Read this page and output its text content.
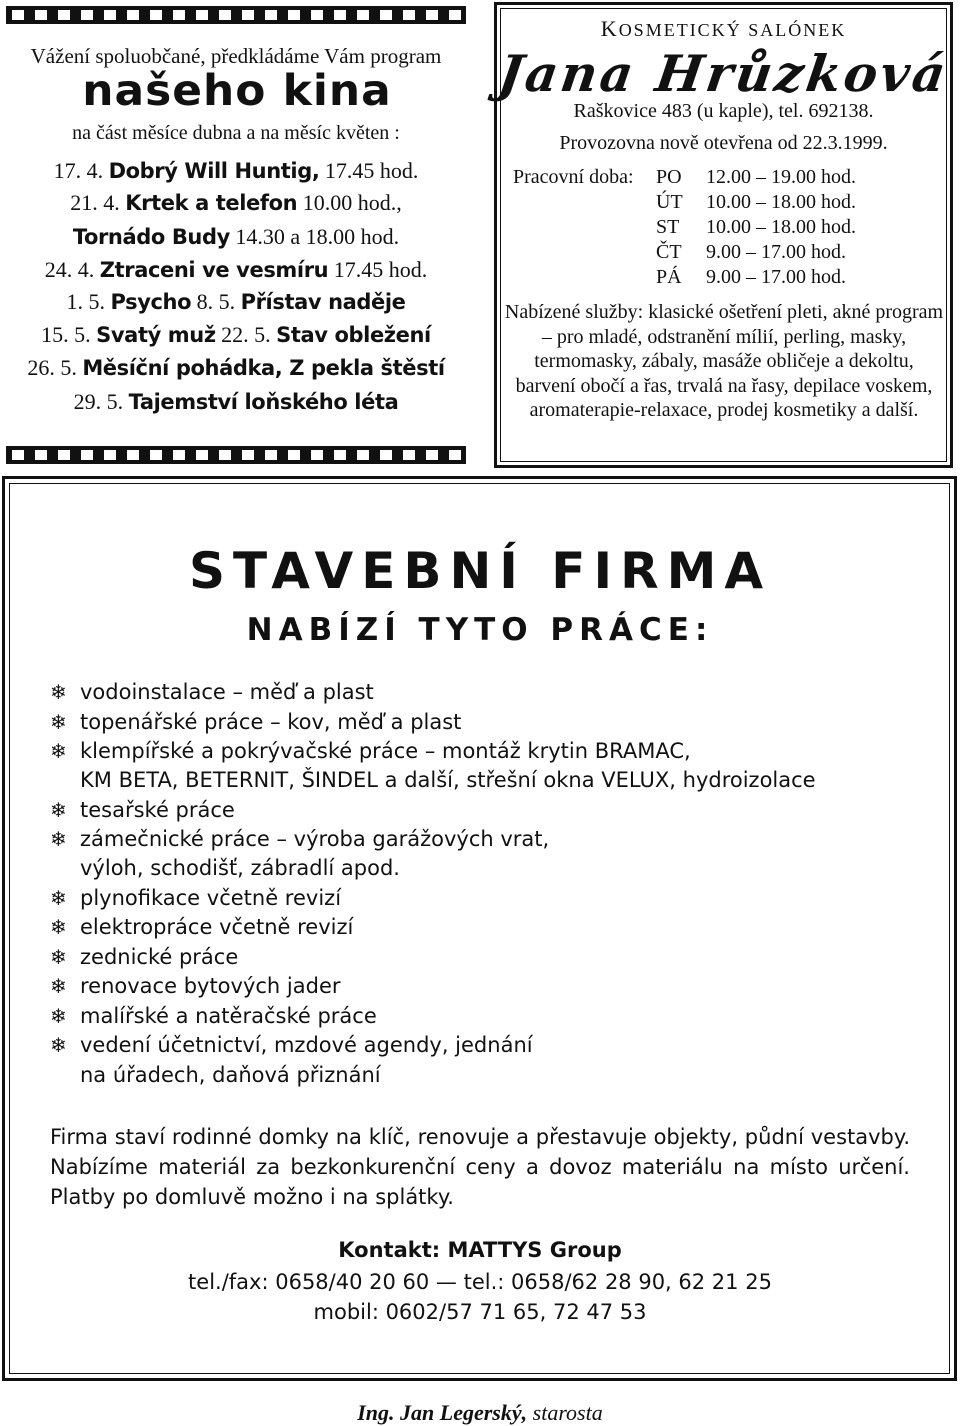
Vážení spoluobčané, předkládáme Vám program
našeho kina
na část měsíce dubna a na měsíc květen :
17. 4. Dobrý Will Huntig, 17.45 hod.
21. 4. Krtek a telefon 10.00 hod.,
Tornádo Budy 14.30 a 18.00 hod.
24. 4. Ztraceni ve vesmíru 17.45 hod.
1. 5. Psycho 8. 5. Přístav naděje
15. 5. Svatý muž 22. 5. Stav obležení
26. 5. Měsíční pohádka, Z pekla štěstí
29. 5. Tajemství loňského léta
KOSMETICKÝ SALÓNEK
Jana Hrůzková
Raškovice 483 (u kaple), tel. 692138.
Provozovna nově otevřena od 22.3.1999.
Pracovní doba: PO 12.00 – 19.00 hod.
ÚT 10.00 – 18.00 hod.
ST 10.00 – 18.00 hod.
ČT 9.00 – 17.00 hod.
PÁ 9.00 – 17.00 hod.
Nabízené služby: klasické ošetření pleti, akné program – pro mladé, odstranění mílií, perling, masky, termomasky, zábaly, masáže obličeje a dekoltu, barvení obočí a řas, trvalá na řasy, depilace voskem, aromaterapie-relaxace, prodej kosmetiky a další.
STAVEBNÍ FIRMA
NABÍZÍ TYTO PRÁCE:
❄ vodoinstalace – měď a plast
❄ topenářské práce – kov, měď a plast
❄ klempířské a pokrývačské práce – montáž krytin BRAMAC,
KM BETA, BETERNIT, ŠINDEL a další, střešní okna VELUX, hydroizolace
❄ tesařské práce
❄ zámečnické práce – výroba garážových vrat,
výloh, schodišť, zábradlí apod.
❄ plynofikace včetně revizí
❄ elektropráce včetně revizí
❄ zednické práce
❄ renovace bytových jader
❄ malířské a natěračské práce
❄ vedení účetnictví, mzdové agendy, jednání
na úřadech, daňová přiznání
Firma staví rodinné domky na klíč, renovuje a přestavuje objekty, půdní vestavby. Nabízíme materiál za bezkonkurenční ceny a dovoz materiálu na místo určení. Platby po domluvě možno i na splátky.
Kontakt: MATTYS Group
tel./fax: 0658/40 20 60 — tel.: 0658/62 28 90, 62 21 25
mobil: 0602/57 71 65, 72 47 53
Ing. Jan Legerský, starosta
